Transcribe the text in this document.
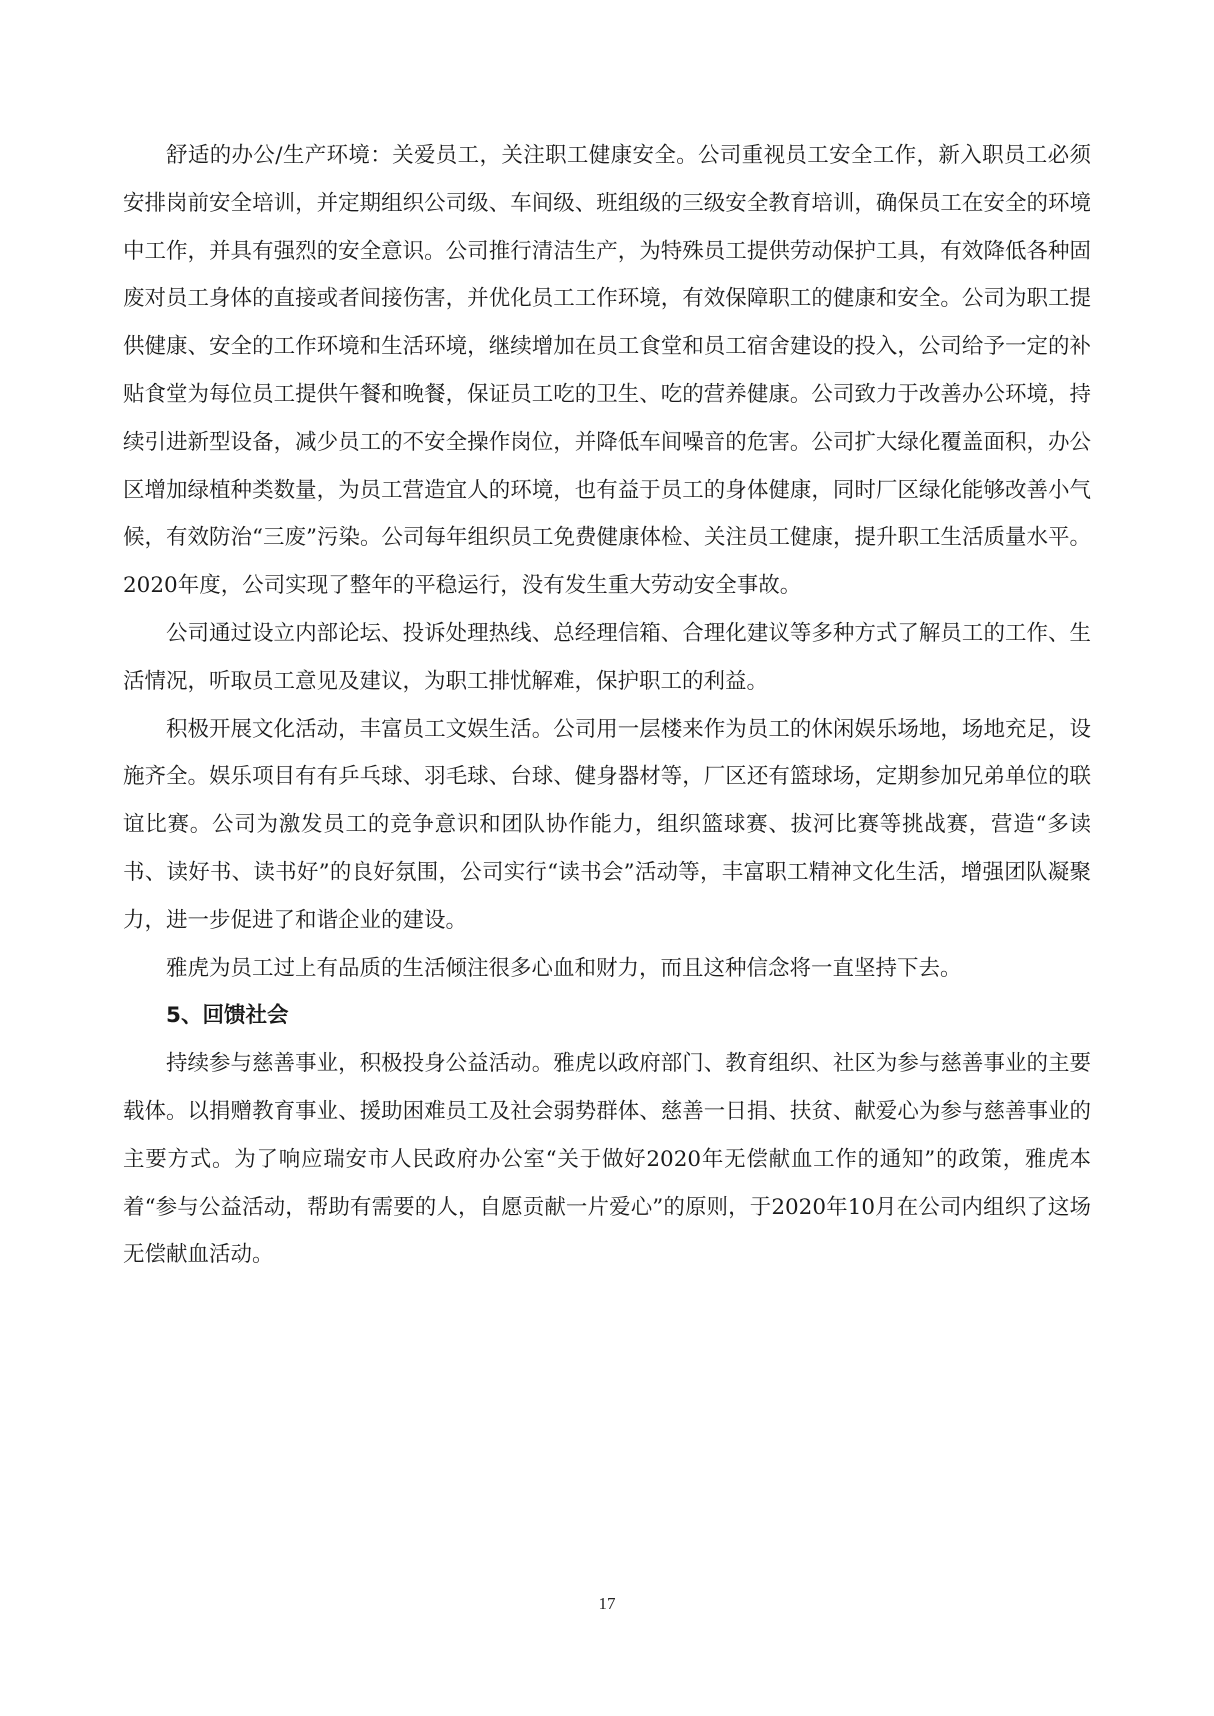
舒适的办公/生产环境：关爱员工，关注职工健康安全。公司重视员工安全工作，新入职员工必须安排岗前安全培训，并定期组织公司级、车间级、班组级的三级安全教育培训，确保员工在安全的环境中工作，并具有强烈的安全意识。公司推行清洁生产，为特殊员工提供劳动保护工具，有效降低各种固废对员工身体的直接或者间接伤害，并优化员工工作环境，有效保障职工的健康和安全。公司为职工提供健康、安全的工作环境和生活环境，继续增加在员工食堂和员工宿舍建设的投入，公司给予一定的补贴食堂为每位员工提供午餐和晚餐，保证员工吃的卫生、吃的营养健康。公司致力于改善办公环境，持续引进新型设备，减少员工的不安全操作岗位，并降低车间噪音的危害。公司扩大绿化覆盖面积，办公区增加绿植种类数量，为员工营造宜人的环境，也有益于员工的身体健康，同时厂区绿化能够改善小气候，有效防治“三废”污染。公司每年组织员工免费健康体检、关注员工健康，提升职工生活质量水平。2020年度，公司实现了整年的平稳运行，没有发生重大劳动安全事故。

公司通过设立内部论坛、投诉处理热线、总经理信箱、合理化建议等多种方式了解员工的工作、生活情况，听取员工意见及建议，为职工排忧解难，保护职工的利益。

积极开展文化活动，丰富员工文娱生活。公司用一层楼来作为员工的休闲娱乐场地，场地充足，设施齐全。娱乐项目有有乒乓球、羽毛球、台球、健身器材等，厂区还有篮球场，定期参加兄弟单位的联谊比赛。公司为激发员工的竞争意识和团队协作能力，组织篮球赛、拔河比赛等挑战赛，营造“多读书、读好书、读书好”的良好氛围，公司实行“读书会”活动等，丰富职工精神文化生活，增强团队凝聚力，进一步促进了和谐企业的建设。

雅虎为员工过上有品质的生活倾注很多心血和财力，而且这种信念将一直坚持下去。

5、回馈社会

持续参与慈善事业，积极投身公益活动。雅虎以政府部门、教育组织、社区为参与慈善事业的主要载体。以捐赠教育事业、援助困难员工及社会弱势群体、慈善一日捐、扶贫、献爱心为参与慈善事业的主要方式。为了响应瑞安市人民政府办公室“关于做好2020年无偿献血工作的通知”的政策，雅虎本着“参与公益活动，帮助有需要的人，自愿贡献一片爱心”的原则，于2020年10月在公司内组织了这场无偿献血活动。

17
